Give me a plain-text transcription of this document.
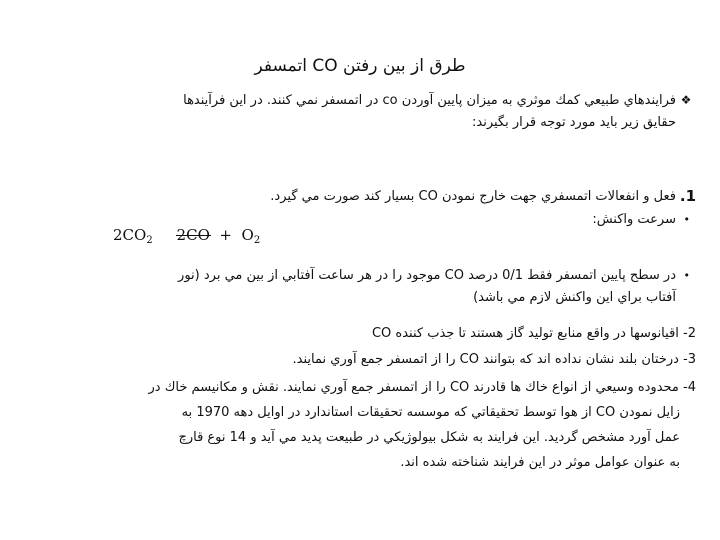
طرق از بين رفتن CO اتمسفر
❖
فرايندهاي طبيعي كمك موثري به ميزان پايين آوردن co در اتمسفر نمي كنند. در اين فرآيندها
حقايق زير بايد مورد توجه قرار بگيرند:
1.
فعل و انفعالات اتمسفري جهت خارج نمودن CO بسيار كند صورت مي گيرد.
•
سرعت واكنش:
$2CO_2$ $2CO + O_2$
•
در سطح پايين اتمسفر فقط 0/1 درصد CO موجود را در هر ساعت آفتابي از بين مي برد (نور
آفتاب براي اين واكنش لازم مي باشد)
2- اقيانوسها در واقع منابع توليد گاز هستند تا جذب كننده CO
3- درختان بلند نشان نداده اند كه بتوانند CO را از اتمسفر جمع آوري نمايند.
4- محدوده وسيعي از انواع خاك ها قادرند CO را از اتمسفر جمع آوري نمايند. نقش و مكانيسم خاك در
زايل نمودن CO از هوا توسط تحقيقاتي كه موسسه تحقيقات استاندارد در اوايل دهه 1970 به
عمل آورد مشخص گرديد. اين فرايند به شكل بيولوژيكي در طبيعت پديد مي آيد و 14 نوع قارچ
به عنوان عوامل موثر در اين فرايند شناخته شده اند.
